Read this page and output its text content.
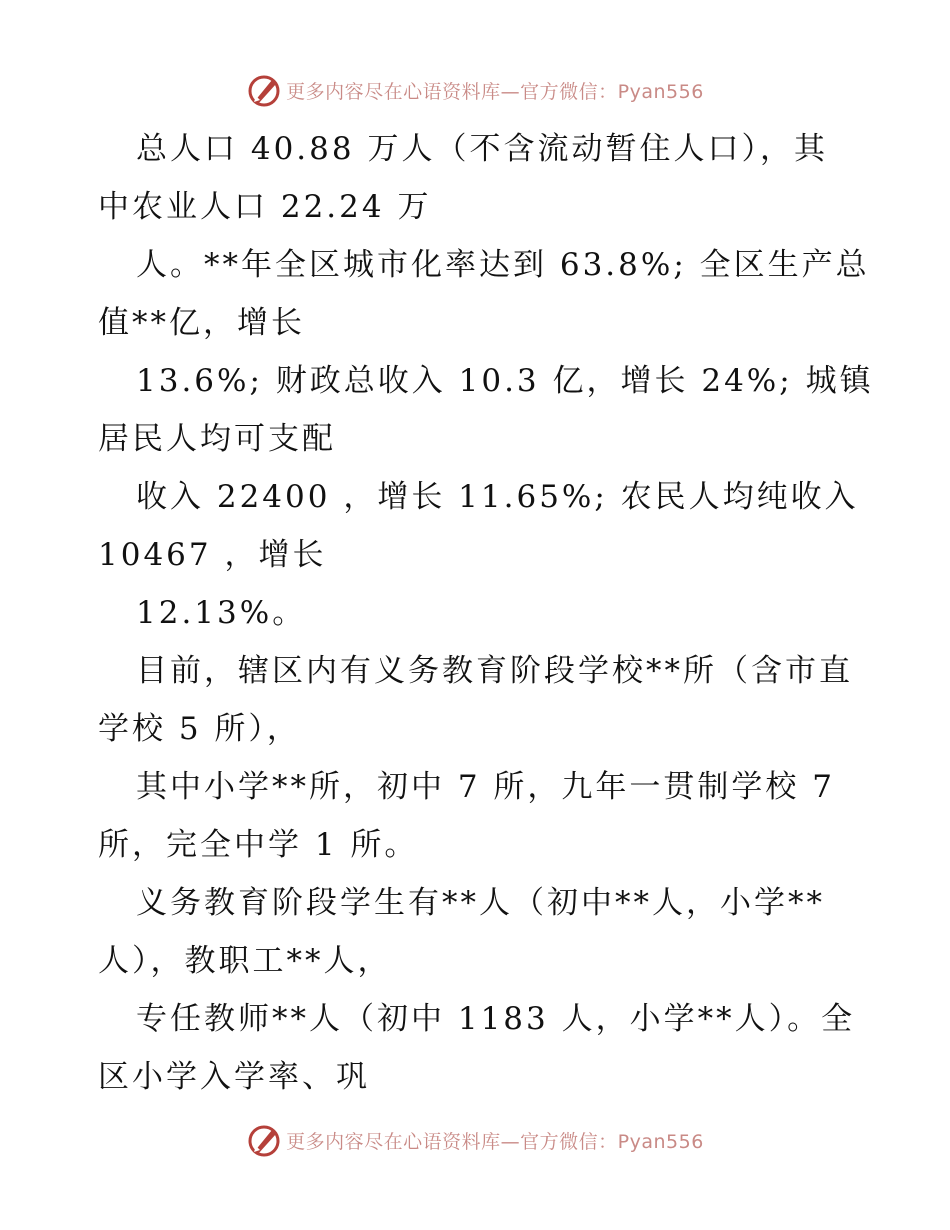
更多内容尽在心语资料库—官方微信：Pyan556
总人口 40.88 万人（不含流动暂住人口），其
中农业人口 22.24 万
人。**年全区城市化率达到 63.8%; 全区生产总
值**亿，增长
13.6%; 财政总收入 10.3 亿，增长 24%; 城镇
居民人均可支配
收入 22400 ，增长 11.65%; 农民人均纯收入
10467 ，增长
12.13%。
目前，辖区内有义务教育阶段学校**所（含市直
学校 5 所），
其中小学**所，初中 7 所，九年一贯制学校 7
所，完全中学 1 所。
义务教育阶段学生有**人（初中**人，小学**
人），教职工**人，
专任教师**人（初中 1183 人，小学**人）。全
区小学入学率、巩
更多内容尽在心语资料库—官方微信：Pyan556
